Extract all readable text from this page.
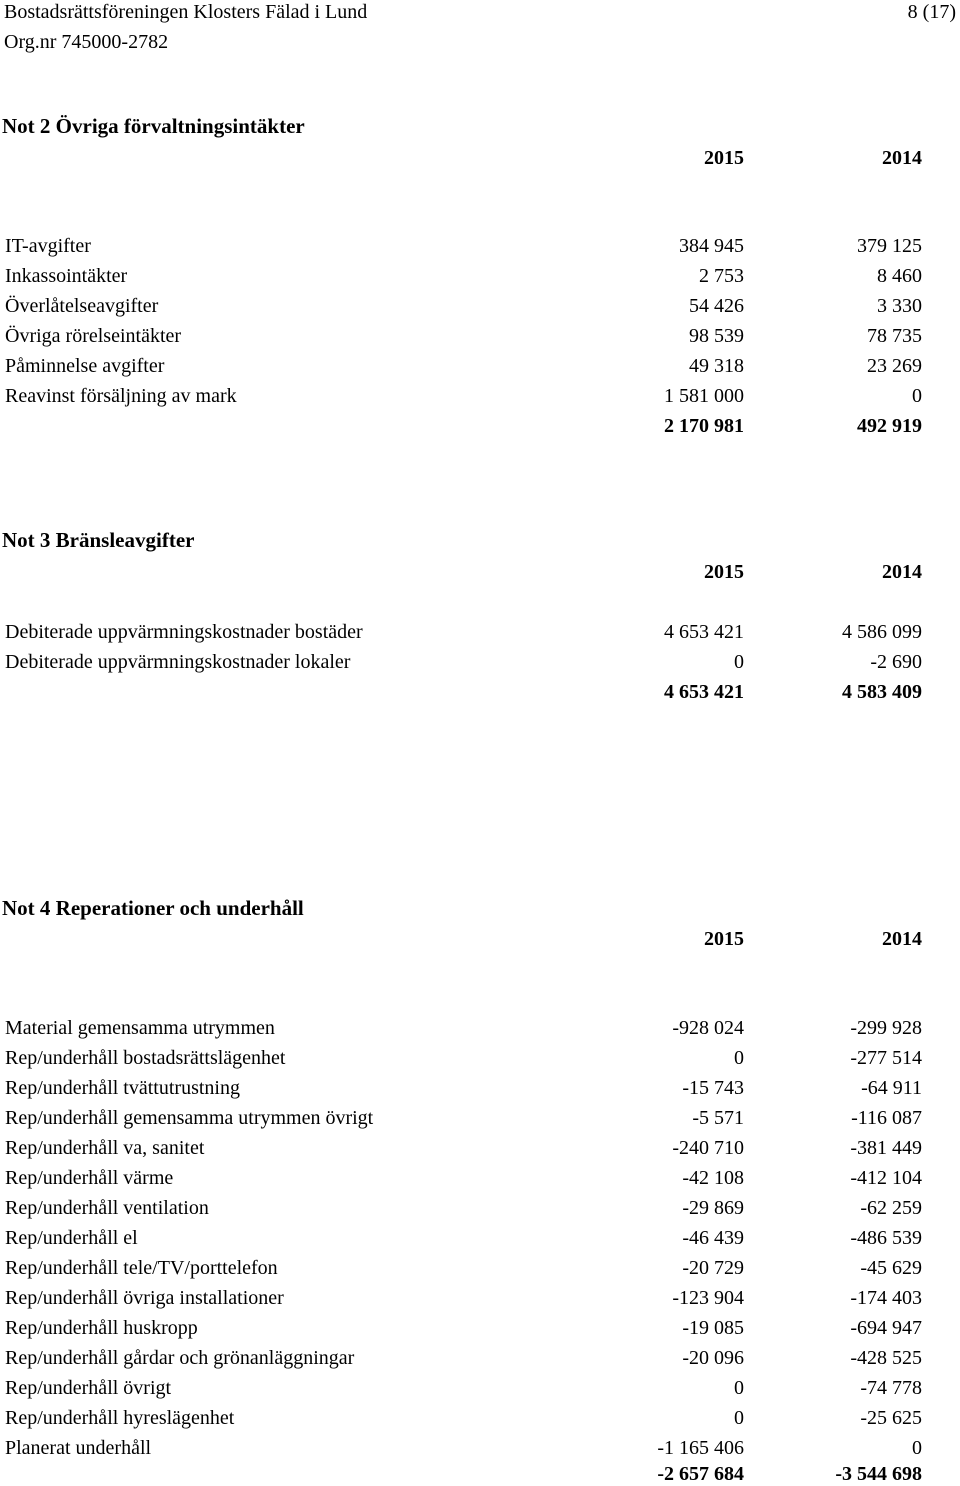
Bostadsrättsföreningen Klosters Fälad i Lund	8 (17)
Org.nr 745000-2782
Not 2 Övriga förvaltningsintäkter
2015	2014
IT-avgifter	384 945	379 125
Inkassointäkter	2 753	8 460
Överlåtelseavgifter	54 426	3 330
Övriga rörelseintäkter	98 539	78 735
Påminnelse avgifter	49 318	23 269
Reavinst försäljning av mark	1 581 000	0
2 170 981	492 919
Not 3 Bränsleavgifter
2015	2014
Debiterade uppvärmningskostnader bostäder	4 653 421	4 586 099
Debiterade uppvärmningskostnader lokaler	0	-2 690
4 653 421	4 583 409
Not 4 Reperationer och underhåll
2015	2014
Material gemensamma utrymmen	-928 024	-299 928
Rep/underhåll bostadsrättslägenhet	0	-277 514
Rep/underhåll tvättutrustning	-15 743	-64 911
Rep/underhåll gemensamma utrymmen övrigt	-5 571	-116 087
Rep/underhåll va, sanitet	-240 710	-381 449
Rep/underhåll värme	-42 108	-412 104
Rep/underhåll ventilation	-29 869	-62 259
Rep/underhåll el	-46 439	-486 539
Rep/underhåll tele/TV/porttelefon	-20 729	-45 629
Rep/underhåll övriga installationer	-123 904	-174 403
Rep/underhåll huskropp	-19 085	-694 947
Rep/underhåll gårdar och grönanläggningar	-20 096	-428 525
Rep/underhåll övrigt	0	-74 778
Rep/underhåll hyreslägenhet	0	-25 625
Planerat underhåll	-1 165 406	0
-2 657 684	-3 544 698
